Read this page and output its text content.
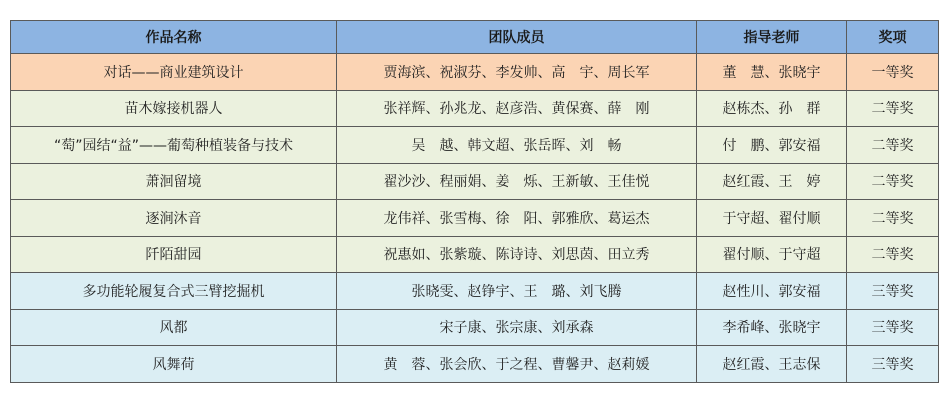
作品名称	团队成员	指导老师	奖项
对话——商业建筑设计	贾海滨、祝淑芬、李发帅、高　宇、周长军	董　慧、张晓宇	一等奖
苗木嫁接机器人	张祥辉、孙兆龙、赵彦浩、黄保赛、薛　刚	赵栋杰、孙　群	二等奖
“萄”园结“益”——葡萄种植装备与技术	吴　越、韩文超、张岳晖、刘　畅	付　鹏、郭安福	二等奖
萧洄留境	翟沙沙、程丽娟、姜　烁、王新敏、王佳悦	赵红霞、王　婷	二等奖
逐涧沐音	龙伟祥、张雪梅、徐　阳、郭雅欣、葛运杰	于守超、翟付顺	二等奖
阡陌甜园	祝惠如、张紫璇、陈诗诗、刘思茵、田立秀	翟付顺、于守超	二等奖
多功能轮履复合式三臂挖掘机	张晓雯、赵铮宇、王　璐、刘飞腾	赵性川、郭安福	三等奖
风都	宋子康、张宗康、刘承森	李希峰、张晓宇	三等奖
风舞荷	黄　蓉、张会欣、于之程、曹馨尹、赵莉媛	赵红霞、王志保	三等奖
